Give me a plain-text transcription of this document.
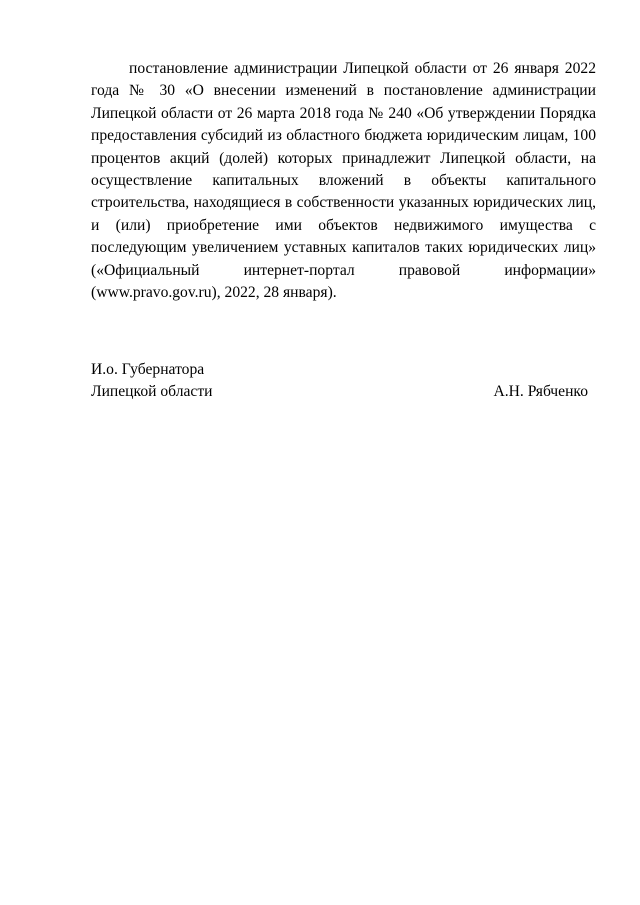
постановление администрации Липецкой области от 26 января 2022 года № 30 «О внесении изменений в постановление администрации Липецкой области от 26 марта 2018 года № 240 «Об утверждении Порядка предоставления субсидий из областного бюджета юридическим лицам, 100 процентов акций (долей) которых принадлежит Липецкой области, на осуществление капитальных вложений в объекты капитального строительства, находящиеся в собственности указанных юридических лиц, и (или) приобретение ими объектов недвижимого имущества с последующим увеличением уставных капиталов таких юридических лиц» («Официальный интернет-портал правовой информации» (www.pravo.gov.ru), 2022, 28 января).

И.о. Губернатора
Липецкой области	А.Н. Рябченко
